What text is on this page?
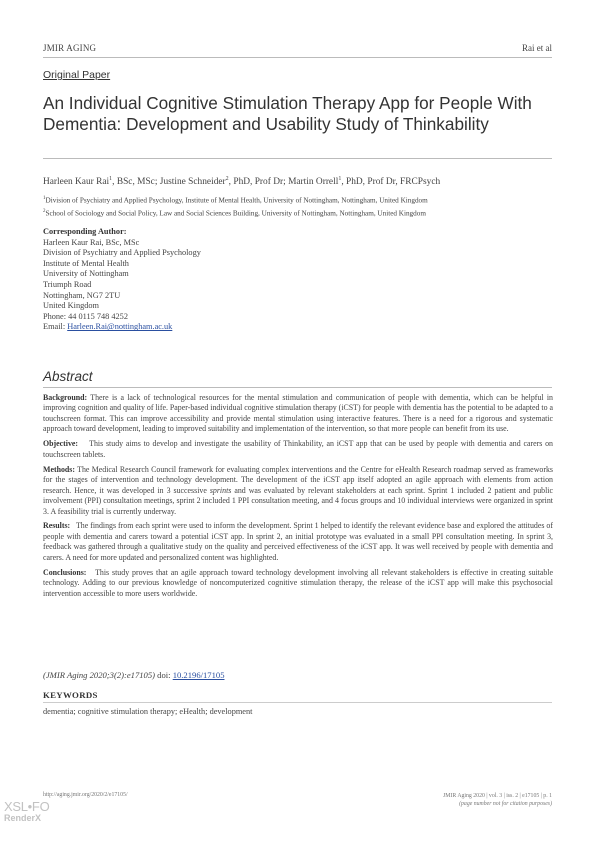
JMIR AGING	Rai et al
Original Paper
An Individual Cognitive Stimulation Therapy App for People With Dementia: Development and Usability Study of Thinkability
Harleen Kaur Rai$^1$, BSc, MSc; Justine Schneider$^2$, PhD, Prof Dr; Martin Orrell$^1$, PhD, Prof Dr, FRCPsych
$^1$Division of Psychiatry and Applied Psychology, Institute of Mental Health, University of Nottingham, Nottingham, United Kingdom
$^2$School of Sociology and Social Policy, Law and Social Sciences Building, University of Nottingham, Nottingham, United Kingdom
Corresponding Author:
Harleen Kaur Rai, BSc, MSc
Division of Psychiatry and Applied Psychology
Institute of Mental Health
University of Nottingham
Triumph Road
Nottingham, NG7 2TU
United Kingdom
Phone: 44 0115 748 4252
Email: Harleen.Rai@nottingham.ac.uk
Abstract

Background: There is a lack of technological resources for the mental stimulation and communication of people with dementia, which can be helpful in improving cognition and quality of life. Paper-based individual cognitive stimulation therapy (iCST) for people with dementia has the potential to be adapted to a touchscreen format. This can improve accessibility and provide mental stimulation using interactive features. There is a need for a rigorous and systematic approach toward development, leading to improved suitability and implementation of the intervention, so that more people can benefit from its use.

Objective: This study aims to develop and investigate the usability of Thinkability, an iCST app that can be used by people with dementia and carers on touchscreen tablets.

Methods: The Medical Research Council framework for evaluating complex interventions and the Centre for eHealth Research roadmap served as frameworks for the stages of intervention and technology development. The development of the iCST app itself adopted an agile approach with elements from action research. Hence, it was developed in 3 successive sprints and was evaluated by relevant stakeholders at each sprint. Sprint 1 included 2 patient and public involvement (PPI) consultation meetings, sprint 2 included 1 PPI consultation meeting, and 4 focus groups and 10 individual interviews were organized in sprint 3. A feasibility trial is currently underway.

Results: The findings from each sprint were used to inform the development. Sprint 1 helped to identify the relevant evidence base and explored the attitudes of people with dementia and carers toward a potential iCST app. In sprint 2, an initial prototype was evaluated in a small PPI consultation meeting. In sprint 3, feedback was gathered through a qualitative study on the quality and perceived effectiveness of the iCST app. It was well received by people with dementia and carers. A need for more updated and personalized content was highlighted.

Conclusions: This study proves that an agile approach toward technology development involving all relevant stakeholders is effective in creating suitable technology. Adding to our previous knowledge of noncomputerized cognitive stimulation therapy, the release of the iCST app will make this psychosocial intervention accessible to more users worldwide.

(JMIR Aging 2020;3(2):e17105) doi: 10.2196/17105
KEYWORDS
dementia; cognitive stimulation therapy; eHealth; development
http://aging.jmir.org/2020/2/e17105/	JMIR Aging 2020 | vol. 3 | iss. 2 | e17105 | p. 1
(page number not for citation purposes)
XSL•FO
RenderX
